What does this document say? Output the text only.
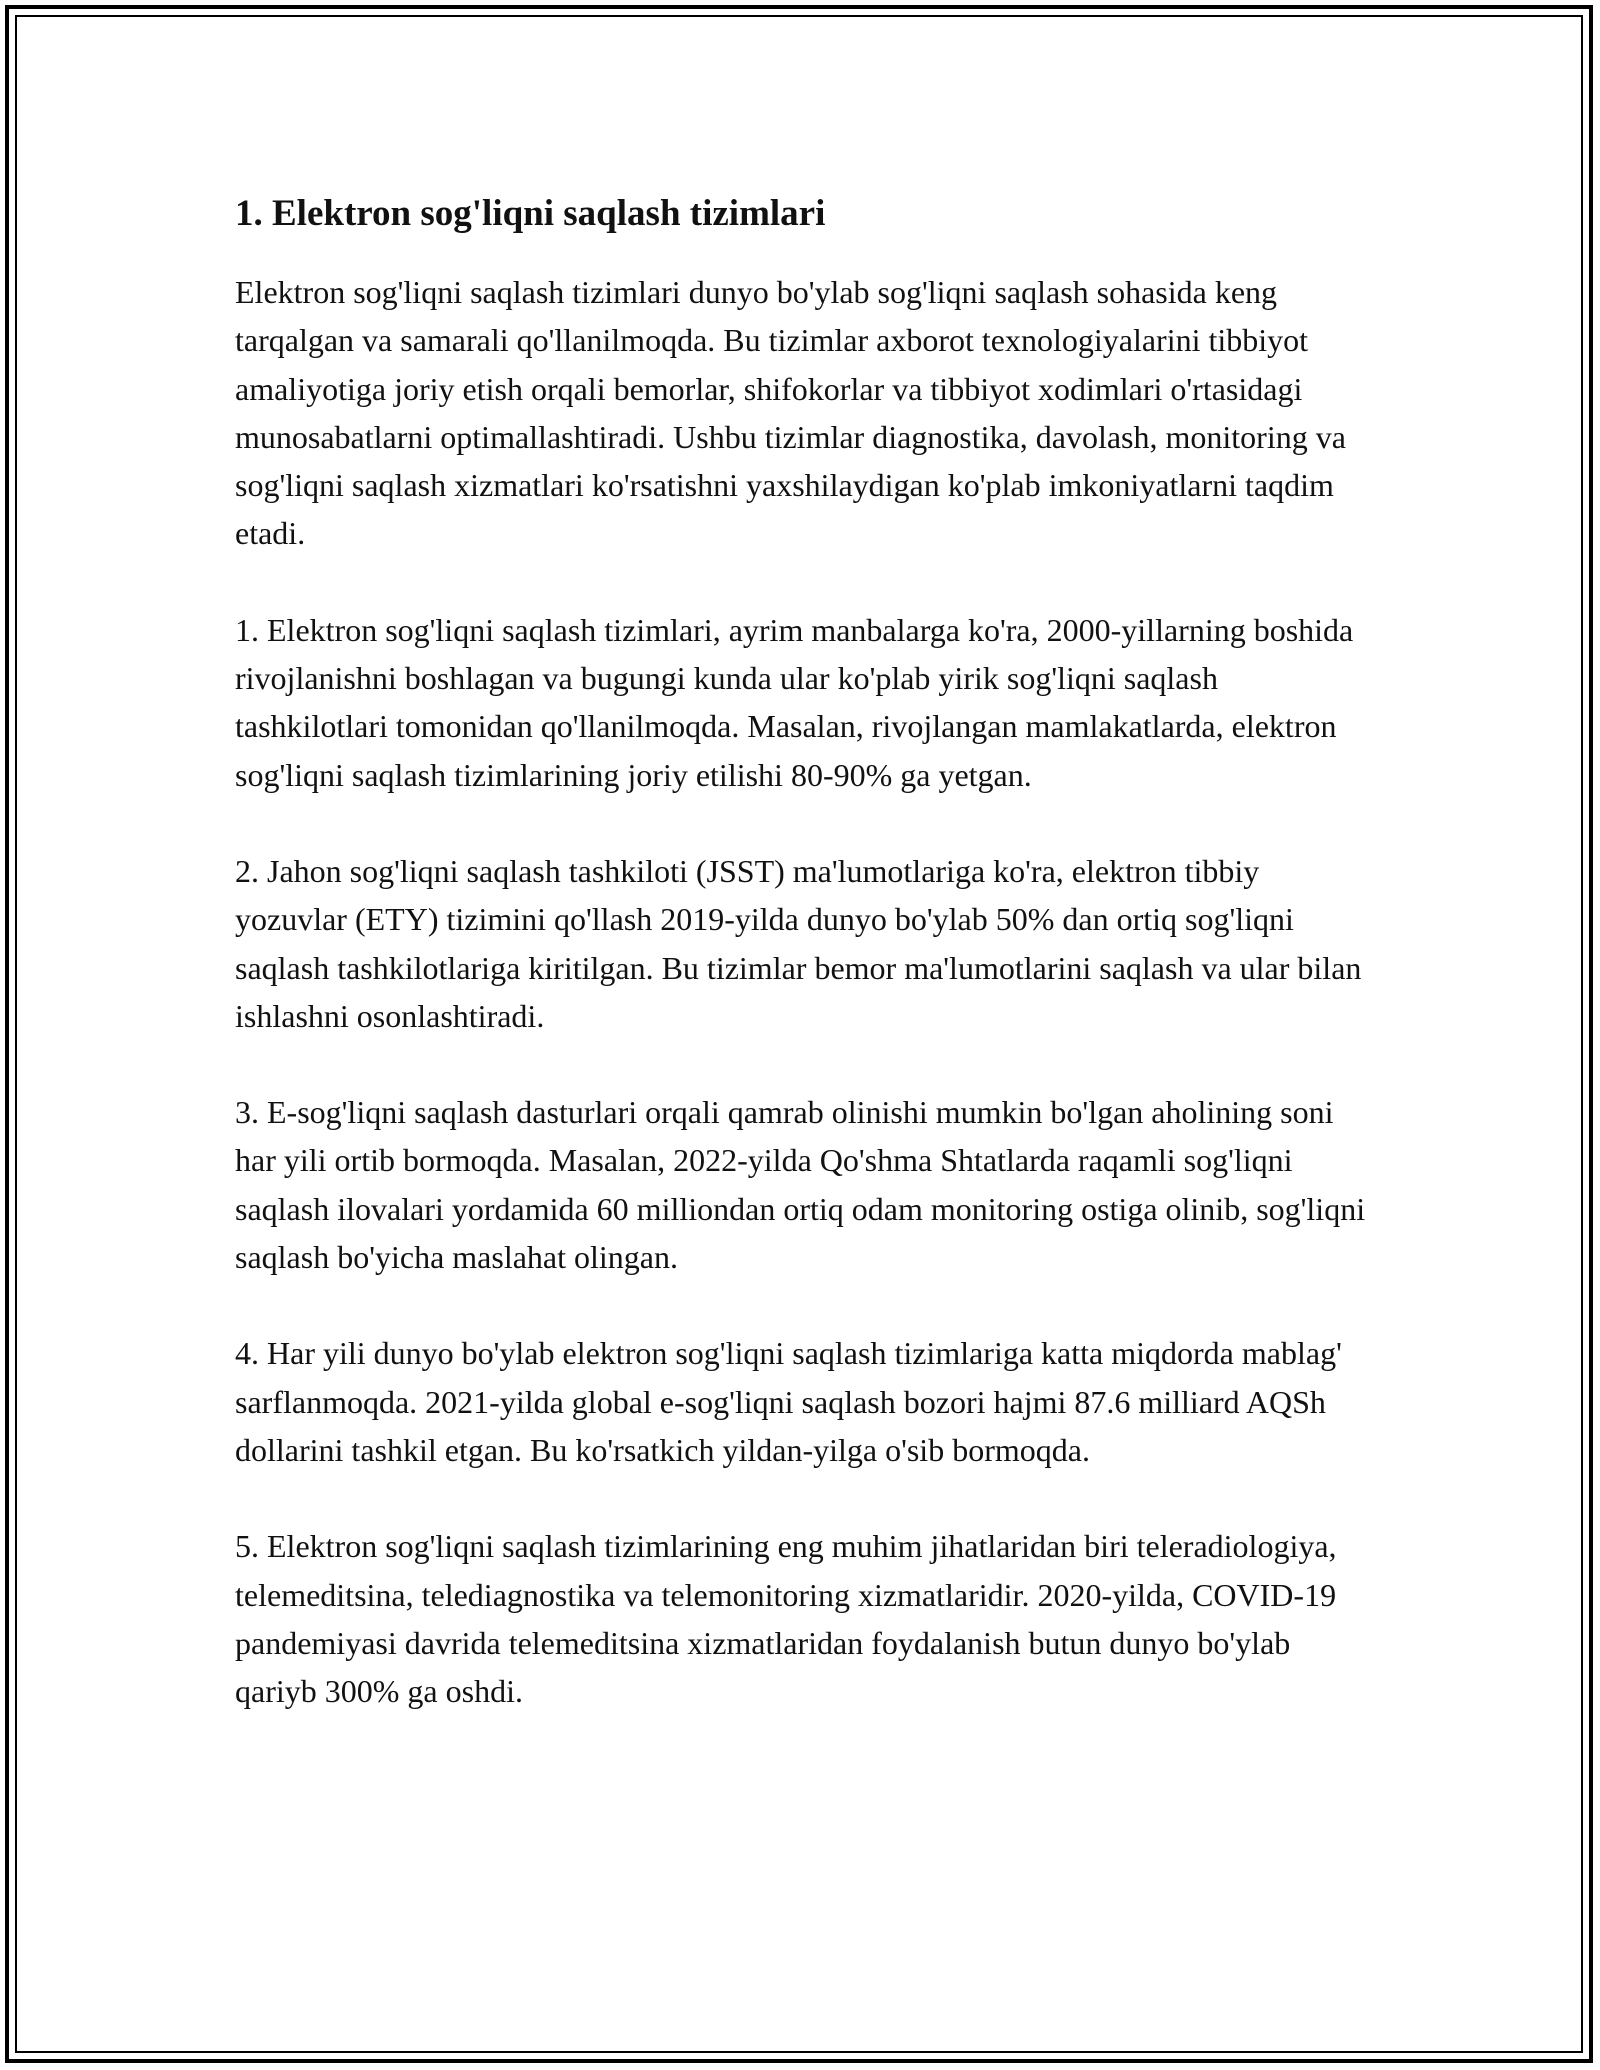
1. Elektron sog'liqni saqlash tizimlari

Elektron sog'liqni saqlash tizimlari dunyo bo'ylab sog'liqni saqlash sohasida keng tarqalgan va samarali qo'llanilmoqda. Bu tizimlar axborot texnologiyalarini tibbiyot amaliyotiga joriy etish orqali bemorlar, shifokorlar va tibbiyot xodimlari o'rtasidagi munosabatlarni optimallashtiradi. Ushbu tizimlar diagnostika, davolash, monitoring va sog'liqni saqlash xizmatlari ko'rsatishni yaxshilaydigan ko'plab imkoniyatlarni taqdim etadi.

1. Elektron sog'liqni saqlash tizimlari, ayrim manbalarga ko'ra, 2000-yillarning boshida rivojlanishni boshlagan va bugungi kunda ular ko'plab yirik sog'liqni saqlash tashkilotlari tomonidan qo'llanilmoqda. Masalan, rivojlangan mamlakatlarda, elektron sog'liqni saqlash tizimlarining joriy etilishi 80-90% ga yetgan.

2. Jahon sog'liqni saqlash tashkiloti (JSST) ma'lumotlariga ko'ra, elektron tibbiy yozuvlar (ETY) tizimini qo'llash 2019-yilda dunyo bo'ylab 50% dan ortiq sog'liqni saqlash tashkilotlariga kiritilgan. Bu tizimlar bemor ma'lumotlarini saqlash va ular bilan ishlashni osonlashtiradi.

3. E-sog'liqni saqlash dasturlari orqali qamrab olinishi mumkin bo'lgan aholining soni har yili ortib bormoqda. Masalan, 2022-yilda Qo'shma Shtatlarda raqamli sog'liqni saqlash ilovalari yordamida 60 milliondan ortiq odam monitoring ostiga olinib, sog'liqni saqlash bo'yicha maslahat olingan.

4. Har yili dunyo bo'ylab elektron sog'liqni saqlash tizimlariga katta miqdorda mablag' sarflanmoqda. 2021-yilda global e-sog'liqni saqlash bozori hajmi 87.6 milliard AQSh dollarini tashkil etgan. Bu ko'rsatkich yildan-yilga o'sib bormoqda.

5. Elektron sog'liqni saqlash tizimlarining eng muhim jihatlaridan biri teleradiologiya, telemeditsina, telediagnostika va telemonitoring xizmatlaridir. 2020-yilda, COVID-19 pandemiyasi davrida telemeditsina xizmatlaridan foydalanish butun dunyo bo'ylab qariyb 300% ga oshdi.
